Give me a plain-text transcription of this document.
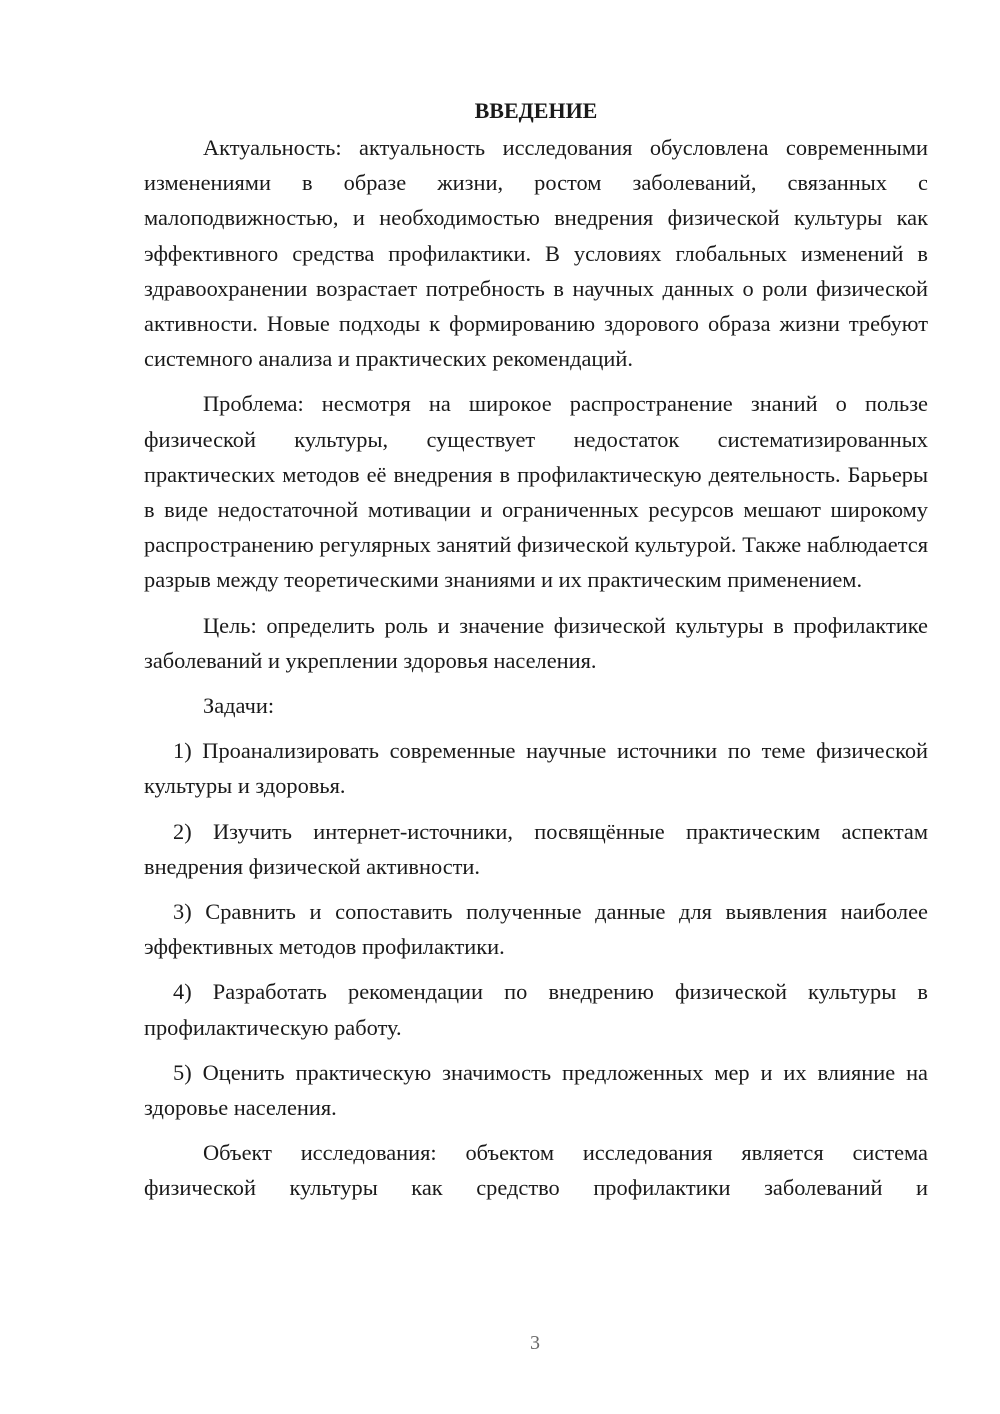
ВВЕДЕНИЕ

Актуальность: актуальность исследования обусловлена современными изменениями в образе жизни, ростом заболеваний, связанных с малоподвижностью, и необходимостью внедрения физической культуры как эффективного средства профилактики. В условиях глобальных изменений в здравоохранении возрастает потребность в научных данных о роли физической активности. Новые подходы к формированию здорового образа жизни требуют системного анализа и практических рекомендаций.

Проблема: несмотря на широкое распространение знаний о пользе физической культуры, существует недостаток систематизированных практических методов её внедрения в профилактическую деятельность. Барьеры в виде недостаточной мотивации и ограниченных ресурсов мешают широкому распространению регулярных занятий физической культурой. Также наблюдается разрыв между теоретическими знаниями и их практическим применением.

Цель: определить роль и значение физической культуры в профилактике заболеваний и укреплении здоровья населения.

Задачи:

1) Проанализировать современные научные источники по теме физической культуры и здоровья.

2) Изучить интернет-источники, посвящённые практическим аспектам внедрения физической активности.

3) Сравнить и сопоставить полученные данные для выявления наиболее эффективных методов профилактики.

4) Разработать рекомендации по внедрению физической культуры в профилактическую работу.

5) Оценить практическую значимость предложенных мер и их влияние на здоровье населения.

Объект исследования: объектом исследования является система физической культуры как средство профилактики заболеваний и

3
